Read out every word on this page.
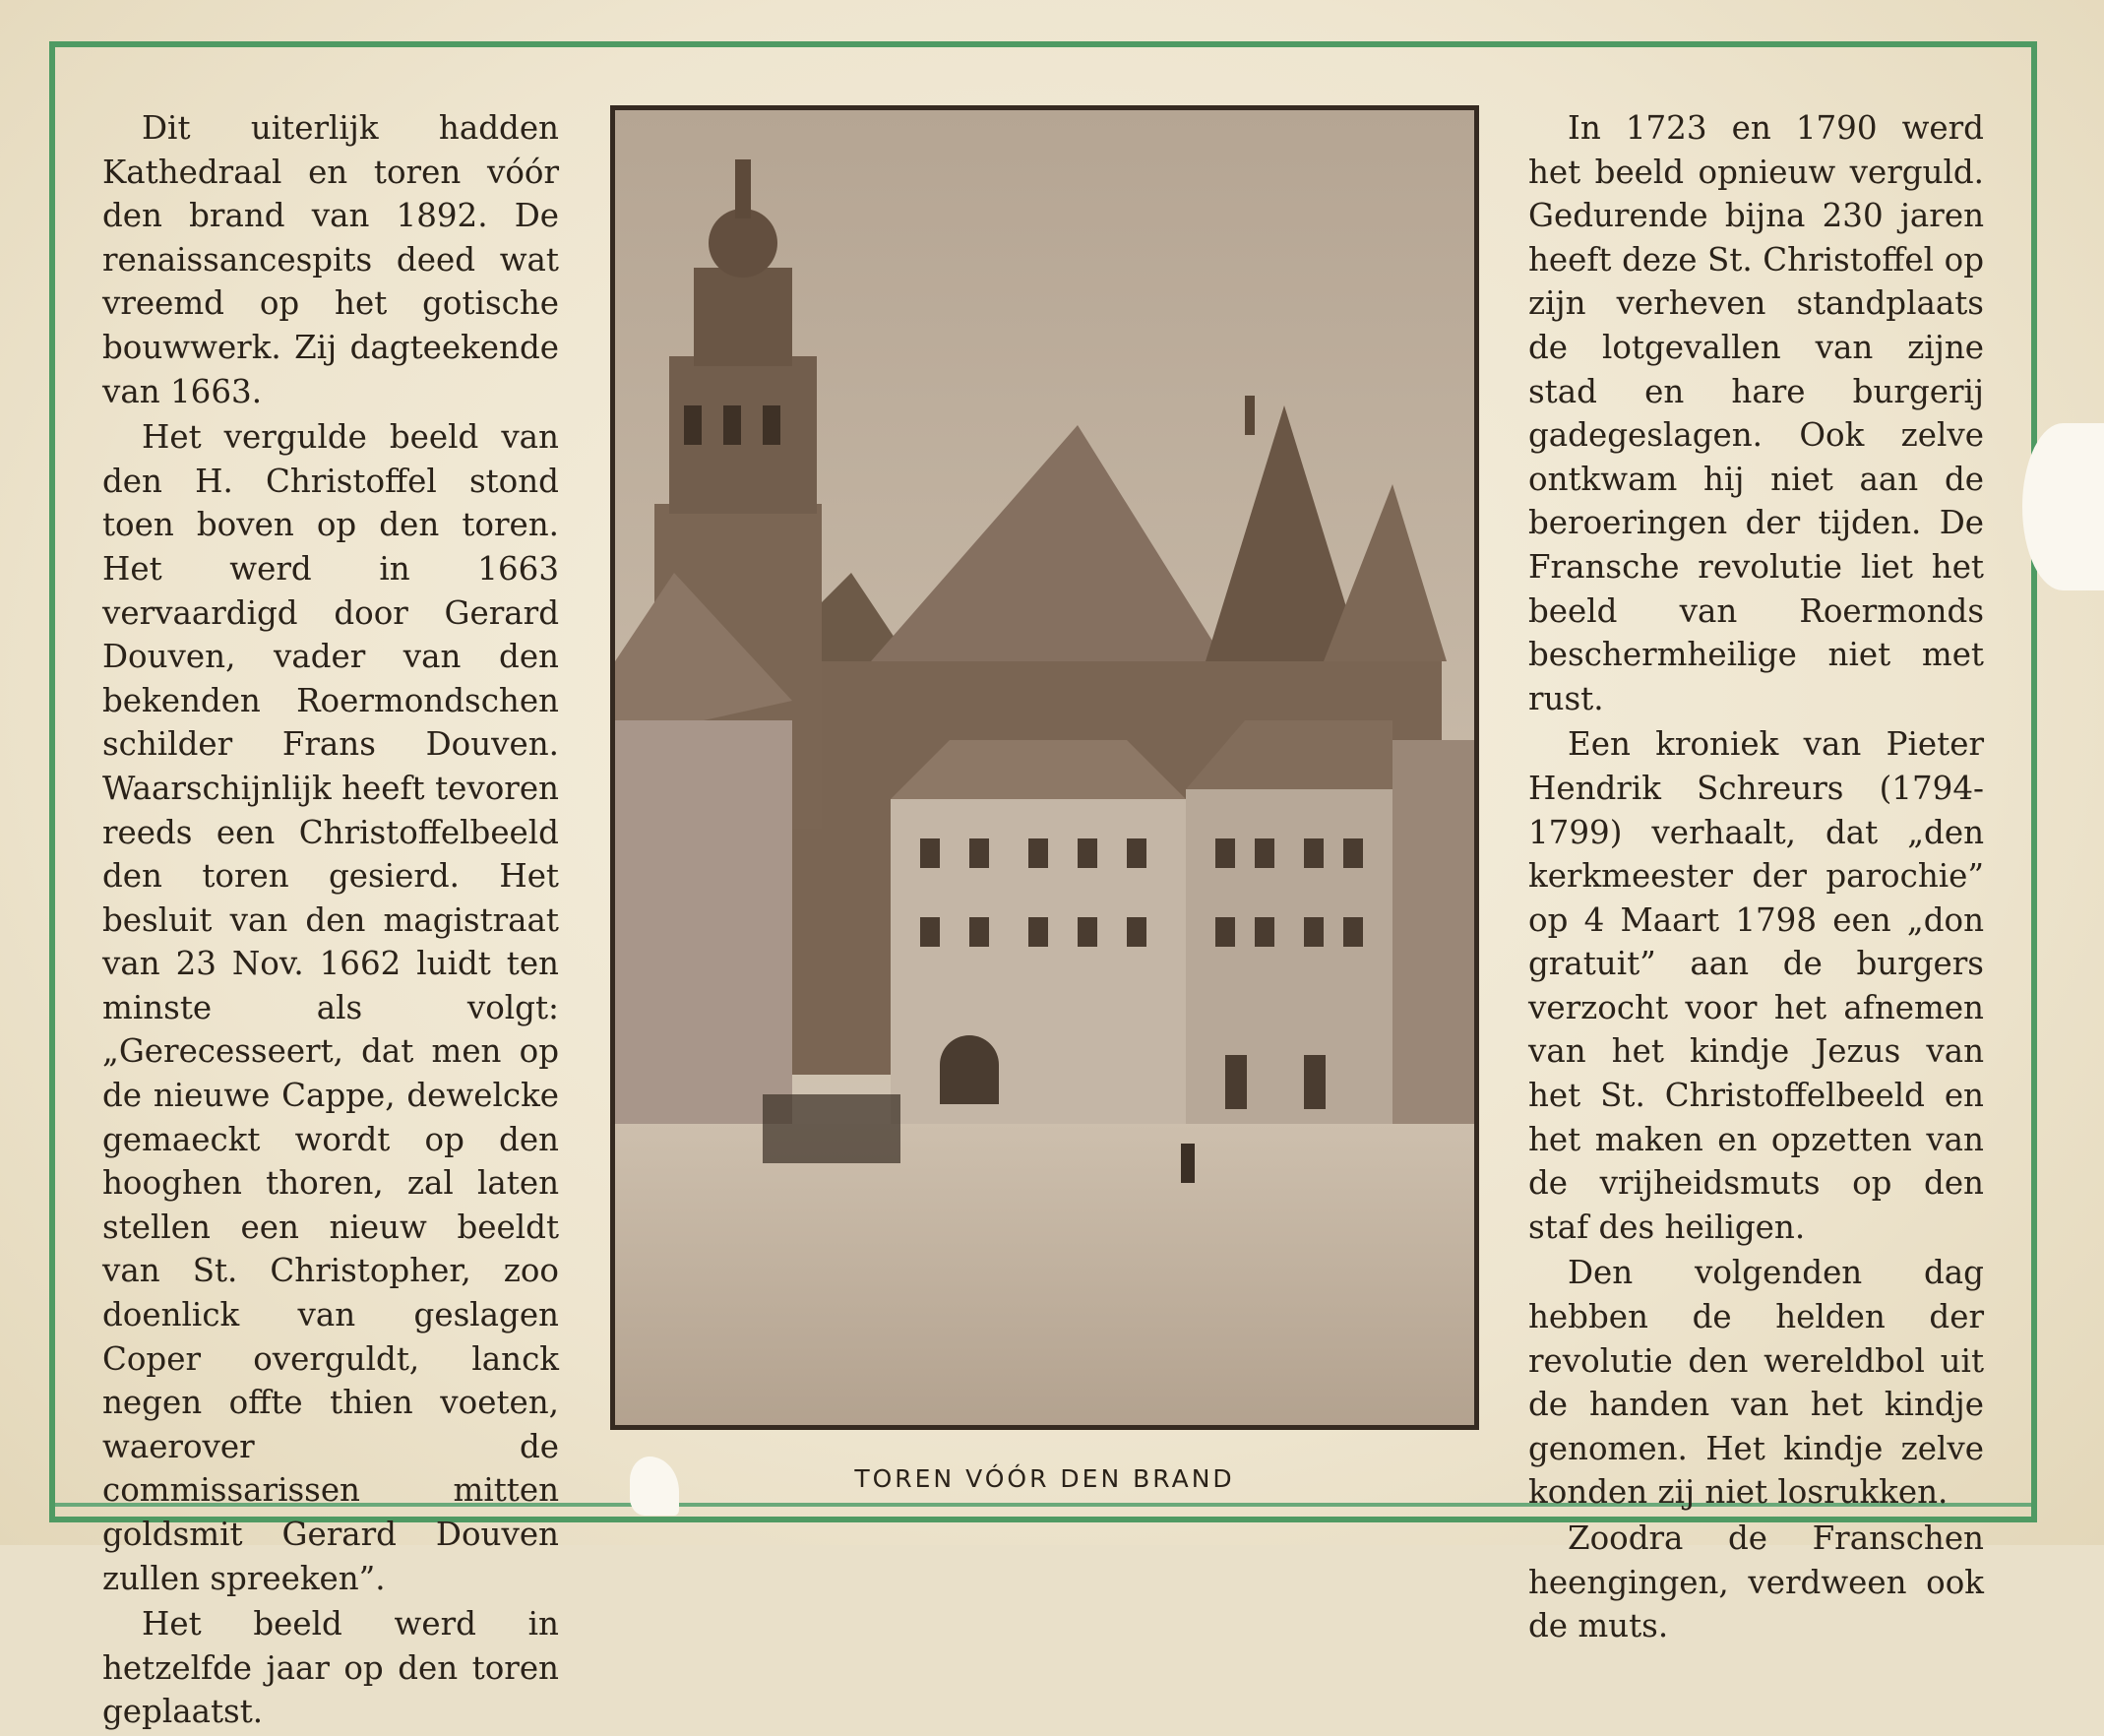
Dit uiterlijk hadden Kathedraal en toren vóór den brand van 1892. De renaissancespits deed wat vreemd op het gotische bouwwerk. Zij dagteekende van 1663.

Het vergulde beeld van den H. Christoffel stond toen boven op den toren. Het werd in 1663 vervaardigd door Gerard Douven, vader van den bekenden Roermondschen schilder Frans Douven. Waarschijnlijk heeft tevoren reeds een Christoffelbeeld den toren gesierd. Het besluit van den magistraat van 23 Nov. 1662 luidt ten minste als volgt: „Gerecesseert, dat men op de nieuwe Cappe, dewelcke gemaeckt wordt op den hooghen thoren, zal laten stellen een nieuw beeldt van St. Christopher, zoo doenlick van geslagen Coper overguldt, lanck negen offte thien voeten, waerover de commissarissen mitten goldsmit Gerard Douven zullen spreeken”.

Het beeld werd in hetzelfde jaar op den toren geplaatst.

TOREN VÓÓR DEN BRAND

In 1723 en 1790 werd het beeld opnieuw verguld. Gedurende bijna 230 jaren heeft deze St. Christoffel op zijn verheven standplaats de lotgevallen van zijne stad en hare burgerij gadegeslagen. Ook zelve ontkwam hij niet aan de beroeringen der tijden. De Fransche revolutie liet het beeld van Roermonds beschermheilige niet met rust.

Een kroniek van Pieter Hendrik Schreurs (1794-1799) verhaalt, dat „den kerkmeester der parochie” op 4 Maart 1798 een „don gratuit” aan de burgers verzocht voor het afnemen van het kindje Jezus van het St. Christoffelbeeld en het maken en opzetten van de vrijheidsmuts op den staf des heiligen.

Den volgenden dag hebben de helden der revolutie den wereldbol uit de handen van het kindje genomen. Het kindje zelve konden zij niet losrukken.

Zoodra de Franschen heengingen, verdween ook de muts.
